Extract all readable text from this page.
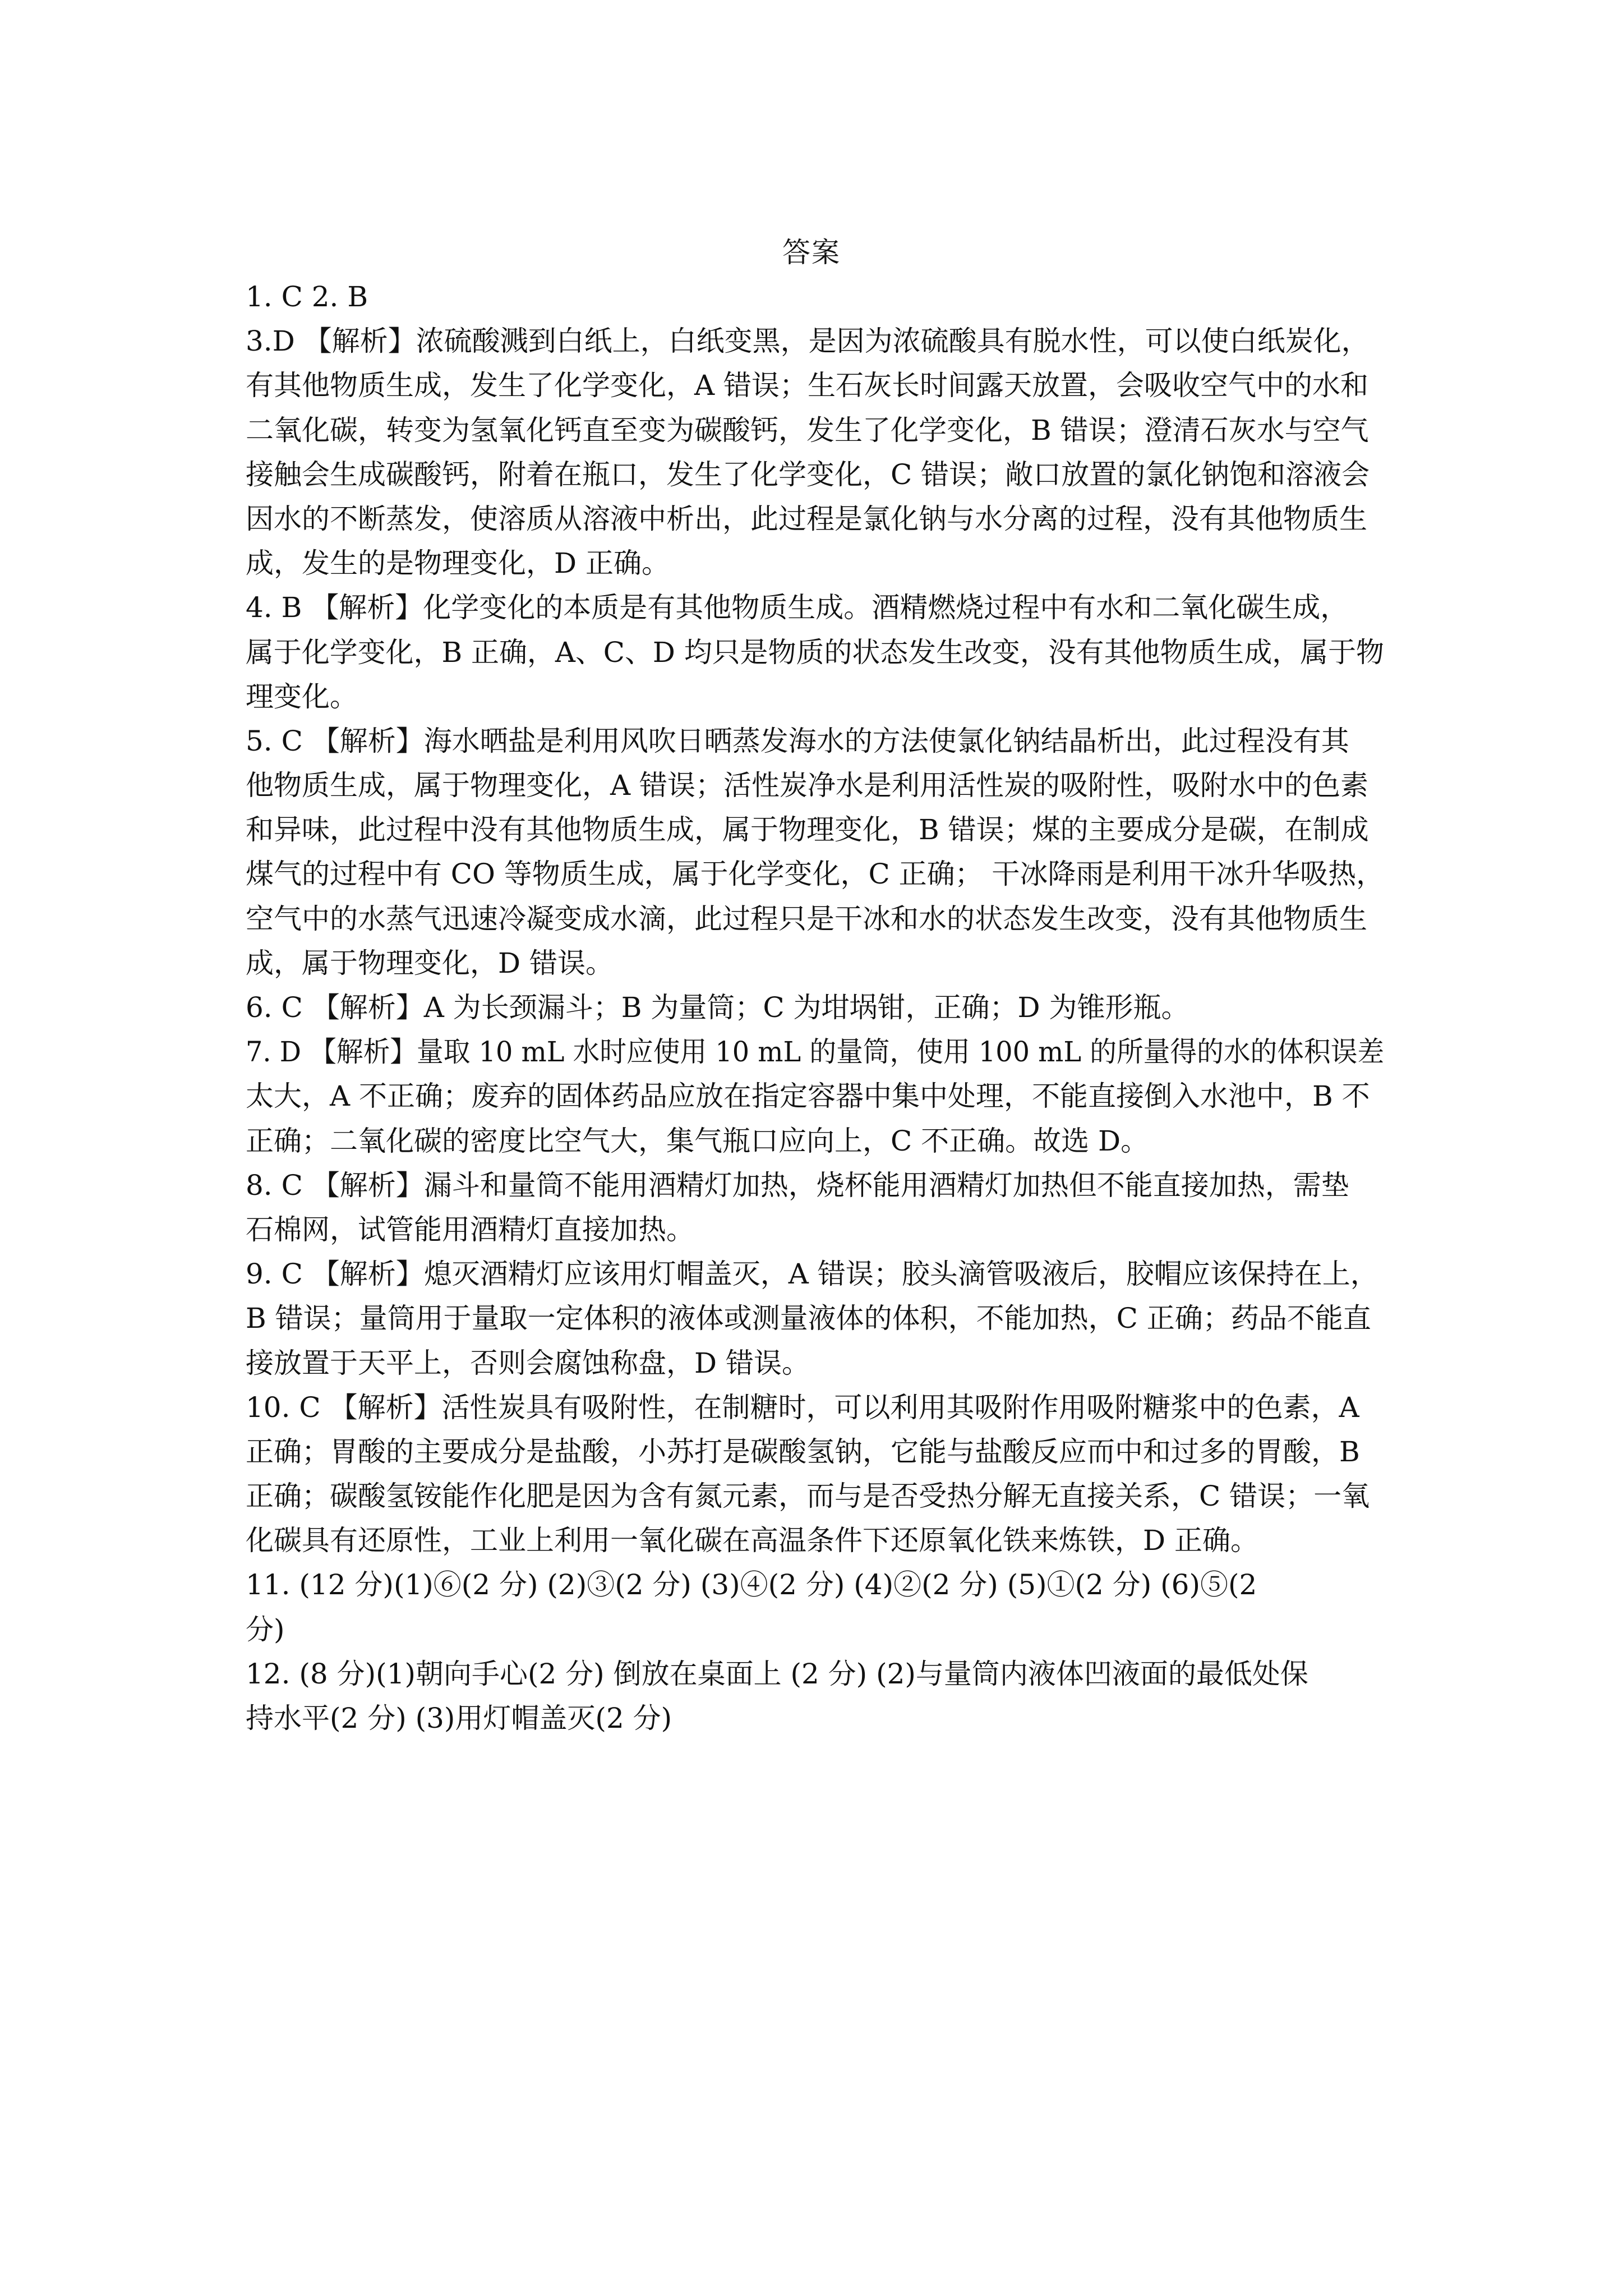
答案
1. C 2. B
3.D 【解析】浓硫酸溅到白纸上，白纸变黑，是因为浓硫酸具有脱水性，可以使白纸炭化，
有其他物质生成，发生了化学变化，A 错误；生石灰长时间露天放置，会吸收空气中的水和
二氧化碳，转变为氢氧化钙直至变为碳酸钙，发生了化学变化，B 错误；澄清石灰水与空气
接触会生成碳酸钙，附着在瓶口，发生了化学变化，C 错误；敞口放置的氯化钠饱和溶液会
因水的不断蒸发，使溶质从溶液中析出，此过程是氯化钠与水分离的过程，没有其他物质生
成，发生的是物理变化，D 正确。
4. B 【解析】化学变化的本质是有其他物质生成。酒精燃烧过程中有水和二氧化碳生成，
属于化学变化，B 正确，A、C、D 均只是物质的状态发生改变，没有其他物质生成，属于物
理变化。
5. C 【解析】海水晒盐是利用风吹日晒蒸发海水的方法使氯化钠结晶析出，此过程没有其
他物质生成，属于物理变化，A 错误；活性炭净水是利用活性炭的吸附性，吸附水中的色素
和异味，此过程中没有其他物质生成，属于物理变化，B 错误；煤的主要成分是碳，在制成
煤气的过程中有 CO 等物质生成，属于化学变化，C 正确； 干冰降雨是利用干冰升华吸热，
空气中的水蒸气迅速冷凝变成水滴，此过程只是干冰和水的状态发生改变，没有其他物质生
成，属于物理变化，D 错误。
6. C 【解析】A 为长颈漏斗；B 为量筒；C 为坩埚钳，正确；D 为锥形瓶。
7. D 【解析】量取 10 mL 水时应使用 10 mL 的量筒，使用 100 mL 的所量得的水的体积误差
太大，A 不正确；废弃的固体药品应放在指定容器中集中处理，不能直接倒入水池中，B 不
正确；二氧化碳的密度比空气大，集气瓶口应向上，C 不正确。故选 D。
8. C 【解析】漏斗和量筒不能用酒精灯加热，烧杯能用酒精灯加热但不能直接加热，需垫
石棉网，试管能用酒精灯直接加热。
9. C 【解析】熄灭酒精灯应该用灯帽盖灭，A 错误；胶头滴管吸液后，胶帽应该保持在上，
B 错误；量筒用于量取一定体积的液体或测量液体的体积，不能加热，C 正确；药品不能直
接放置于天平上，否则会腐蚀称盘，D 错误。
10. C 【解析】活性炭具有吸附性，在制糖时，可以利用其吸附作用吸附糖浆中的色素，A
正确；胃酸的主要成分是盐酸，小苏打是碳酸氢钠，它能与盐酸反应而中和过多的胃酸，B
正确；碳酸氢铵能作化肥是因为含有氮元素，而与是否受热分解无直接关系，C 错误；一氧
化碳具有还原性，工业上利用一氧化碳在高温条件下还原氧化铁来炼铁，D 正确。
11. (12 分)(1)⑥(2 分) (2)③(2 分) (3)④(2 分) (4)②(2 分) (5)①(2 分) (6)⑤(2
分)
12. (8 分)(1)朝向手心(2 分) 倒放在桌面上 (2 分) (2)与量筒内液体凹液面的最低处保
持水平(2 分) (3)用灯帽盖灭(2 分)
